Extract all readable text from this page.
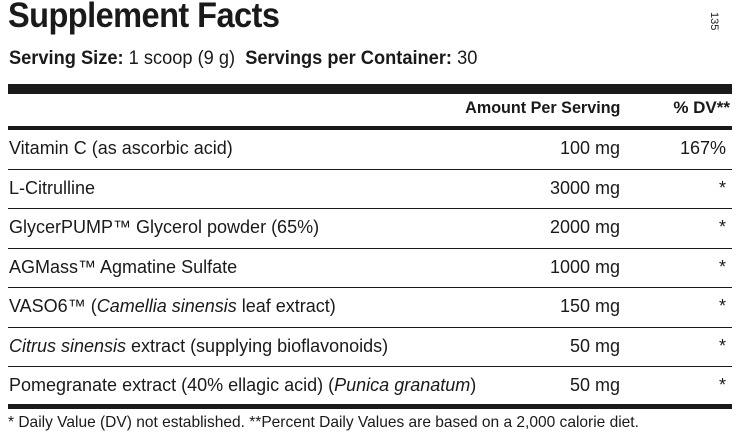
Supplement Facts
Serving Size: 1 scoop (9 g) Servings per Container: 30
135
Amount Per Serving	% DV**
Vitamin C (as ascorbic acid)	100 mg	167%
L-Citrulline	3000 mg	*
GlycerPUMP™ Glycerol powder (65%)	2000 mg	*
AGMass™ Agmatine Sulfate	1000 mg	*
VASO6™ (Camellia sinensis leaf extract)	150 mg	*
Citrus sinensis extract (supplying bioflavonoids)	50 mg	*
Pomegranate extract (40% ellagic acid) (Punica granatum)	50 mg	*
* Daily Value (DV) not established. **Percent Daily Values are based on a 2,000 calorie diet.
